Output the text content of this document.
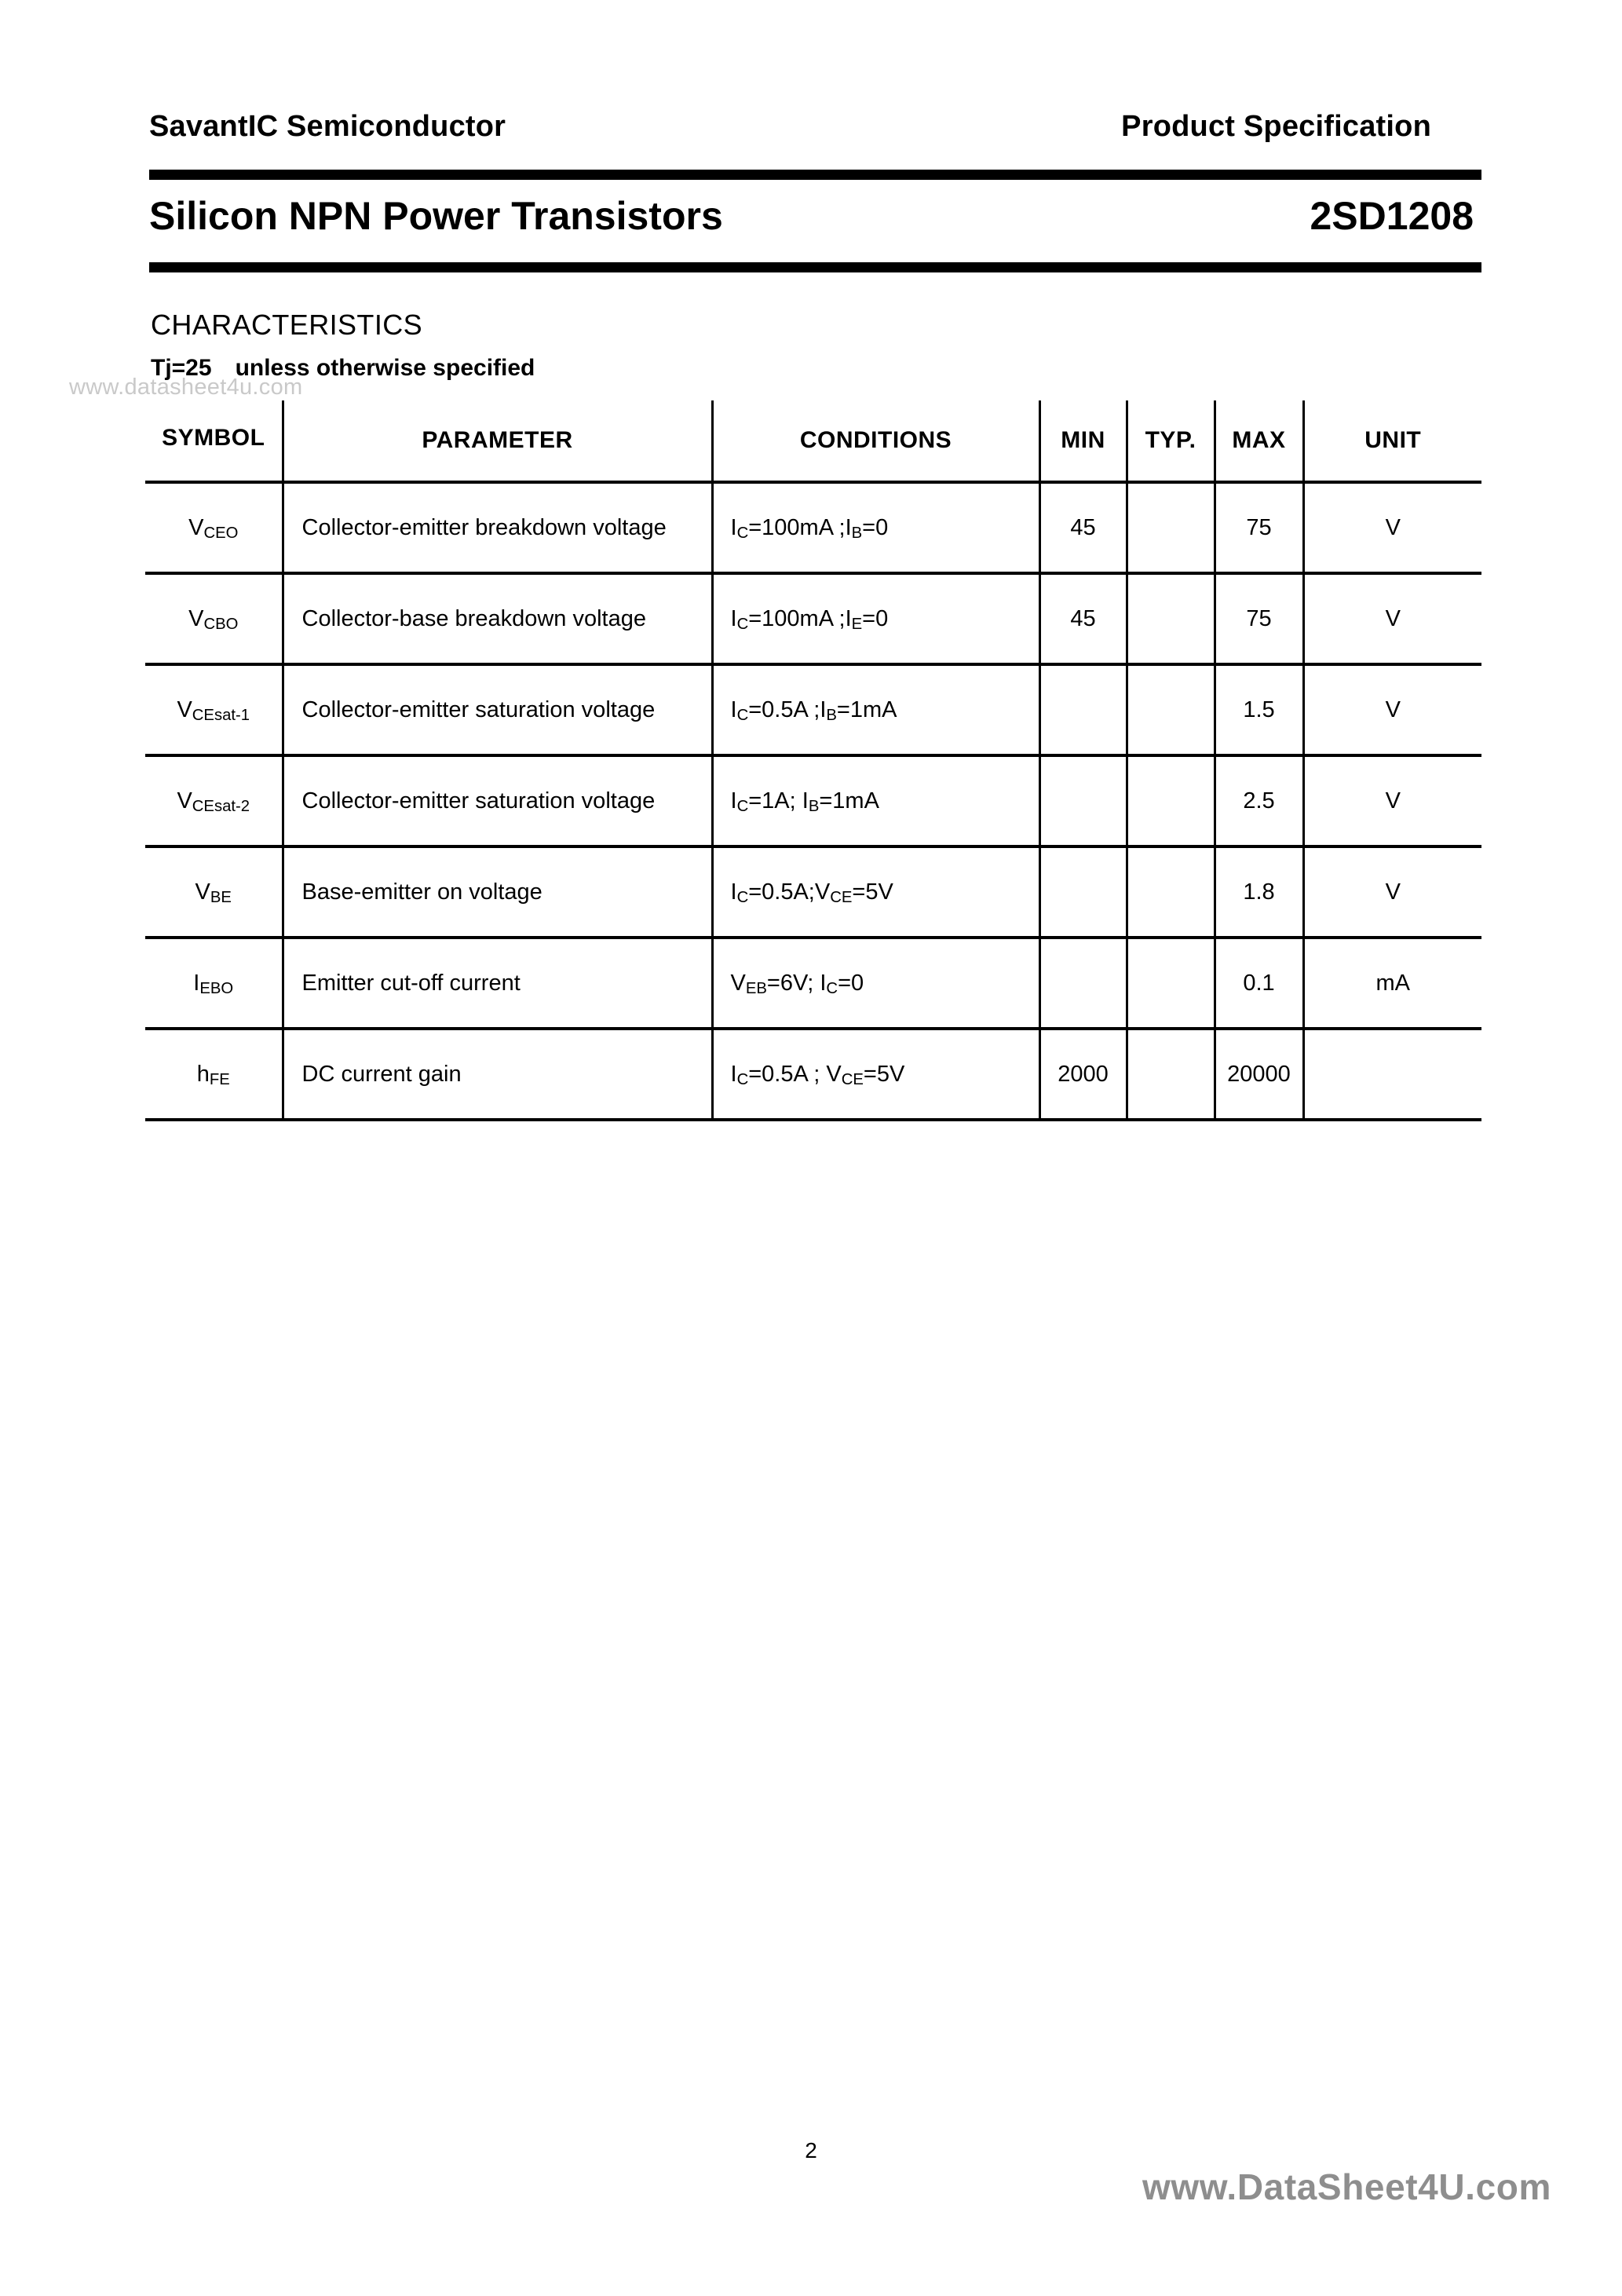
SavantIC Semiconductor	Product Specification
Silicon NPN Power Transistors	2SD1208
CHARACTERISTICS
Tj=25 unless otherwise specified
www.datasheet4u.com
www.DataSheet4U.com
2
SYMBOL	PARAMETER	CONDITIONS	MIN	TYP.	MAX	UNIT
$V_{CEO}$	Collector-emitter breakdown voltage	$I_C=100mA$ $;I_B=0$	45		75	V
$V_{CBO}$	Collector-base breakdown voltage	$I_C=100mA$ $;I_E=0$	45		75	V
$V_{CEsat-1}$	Collector-emitter saturation voltage	$I_C=0.5A$ $;I_B=1mA$			1.5	V
$V_{CEsat-2}$	Collector-emitter saturation voltage	$I_C=1A$; $I_B=1mA$			2.5	V
$V_{BE}$	Base-emitter on voltage	$I_C=0.5A;V_{CE}=5V$			1.8	V
$I_{EBO}$	Emitter cut-off current	$V_{EB}=6V$; $I_C=0$			0.1	mA
$h_{FE}$	DC current gain	$I_C=0.5A$ ; $V_{CE}=5V$	2000		20000	
